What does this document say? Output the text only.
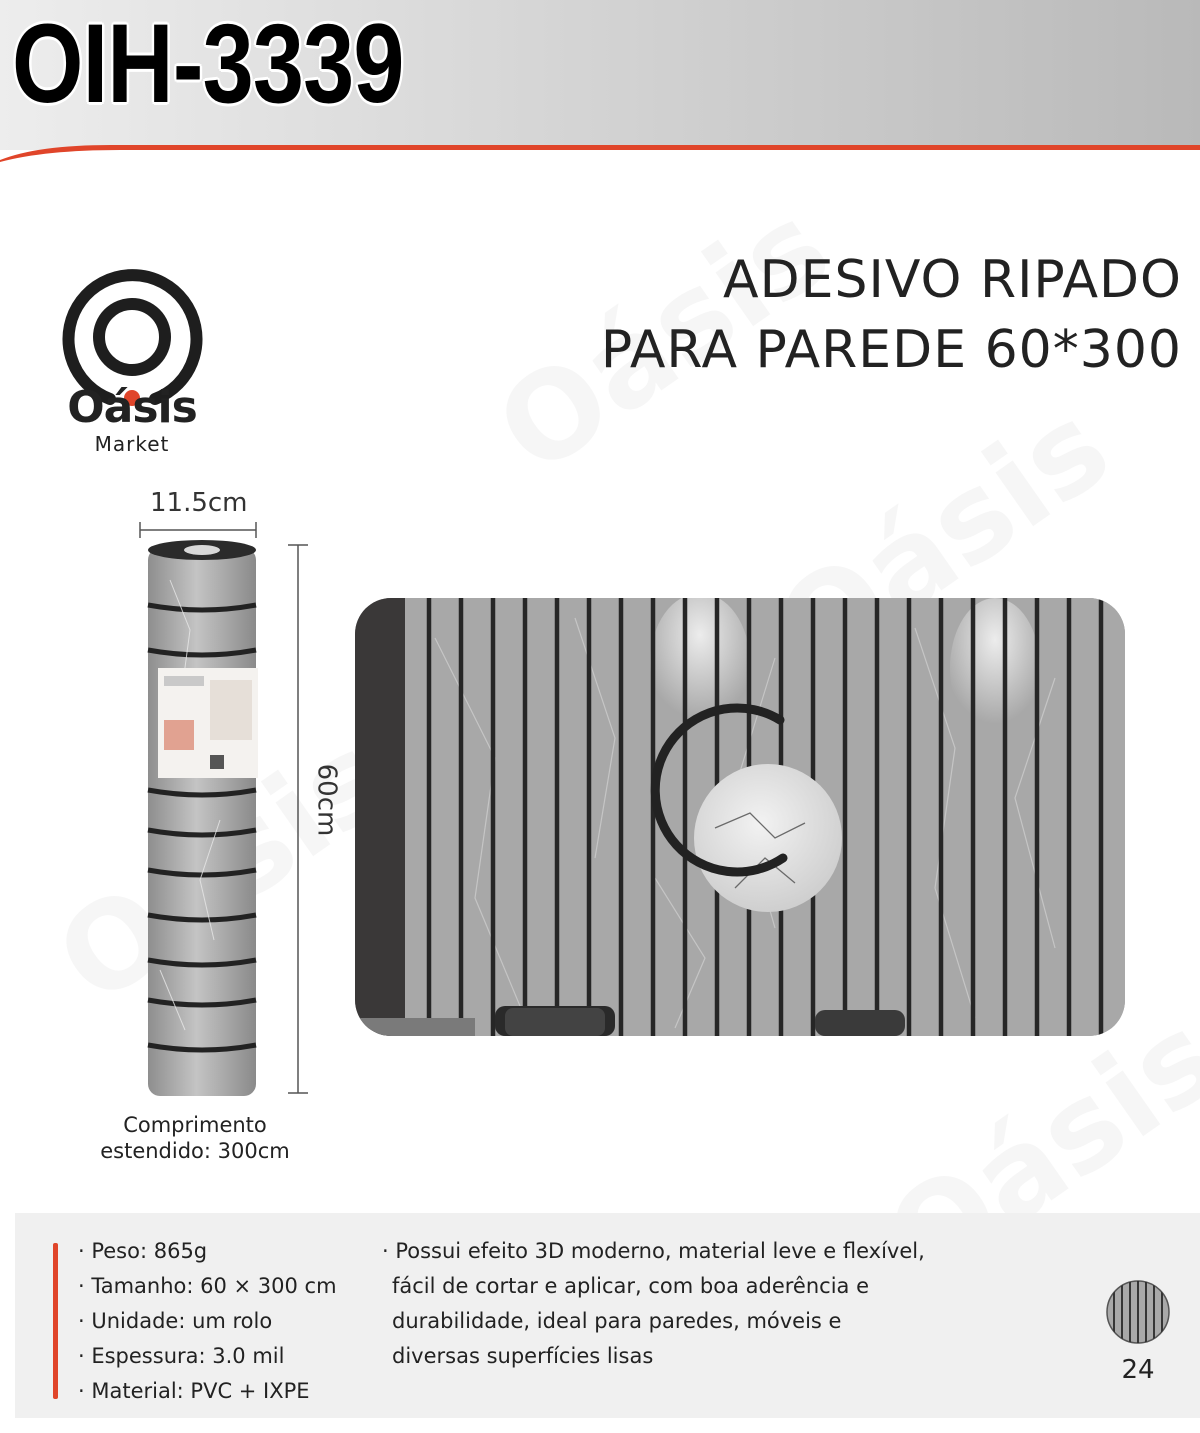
OIH-3339
Oásis
Market
ADESIVO RIPADO
PARA PAREDE 60*300
11.5cm
60cm
Comprimento
estendido: 300cm
· Peso: 865g
· Tamanho: 60 × 300 cm
· Unidade: um rolo
· Espessura: 3.0 mil
· Material: PVC + IXPE
· Possui efeito 3D moderno, material leve e flexível,
fácil de cortar e aplicar, com boa aderência e
durabilidade, ideal para paredes, móveis e
diversas superfícies lisas	24
